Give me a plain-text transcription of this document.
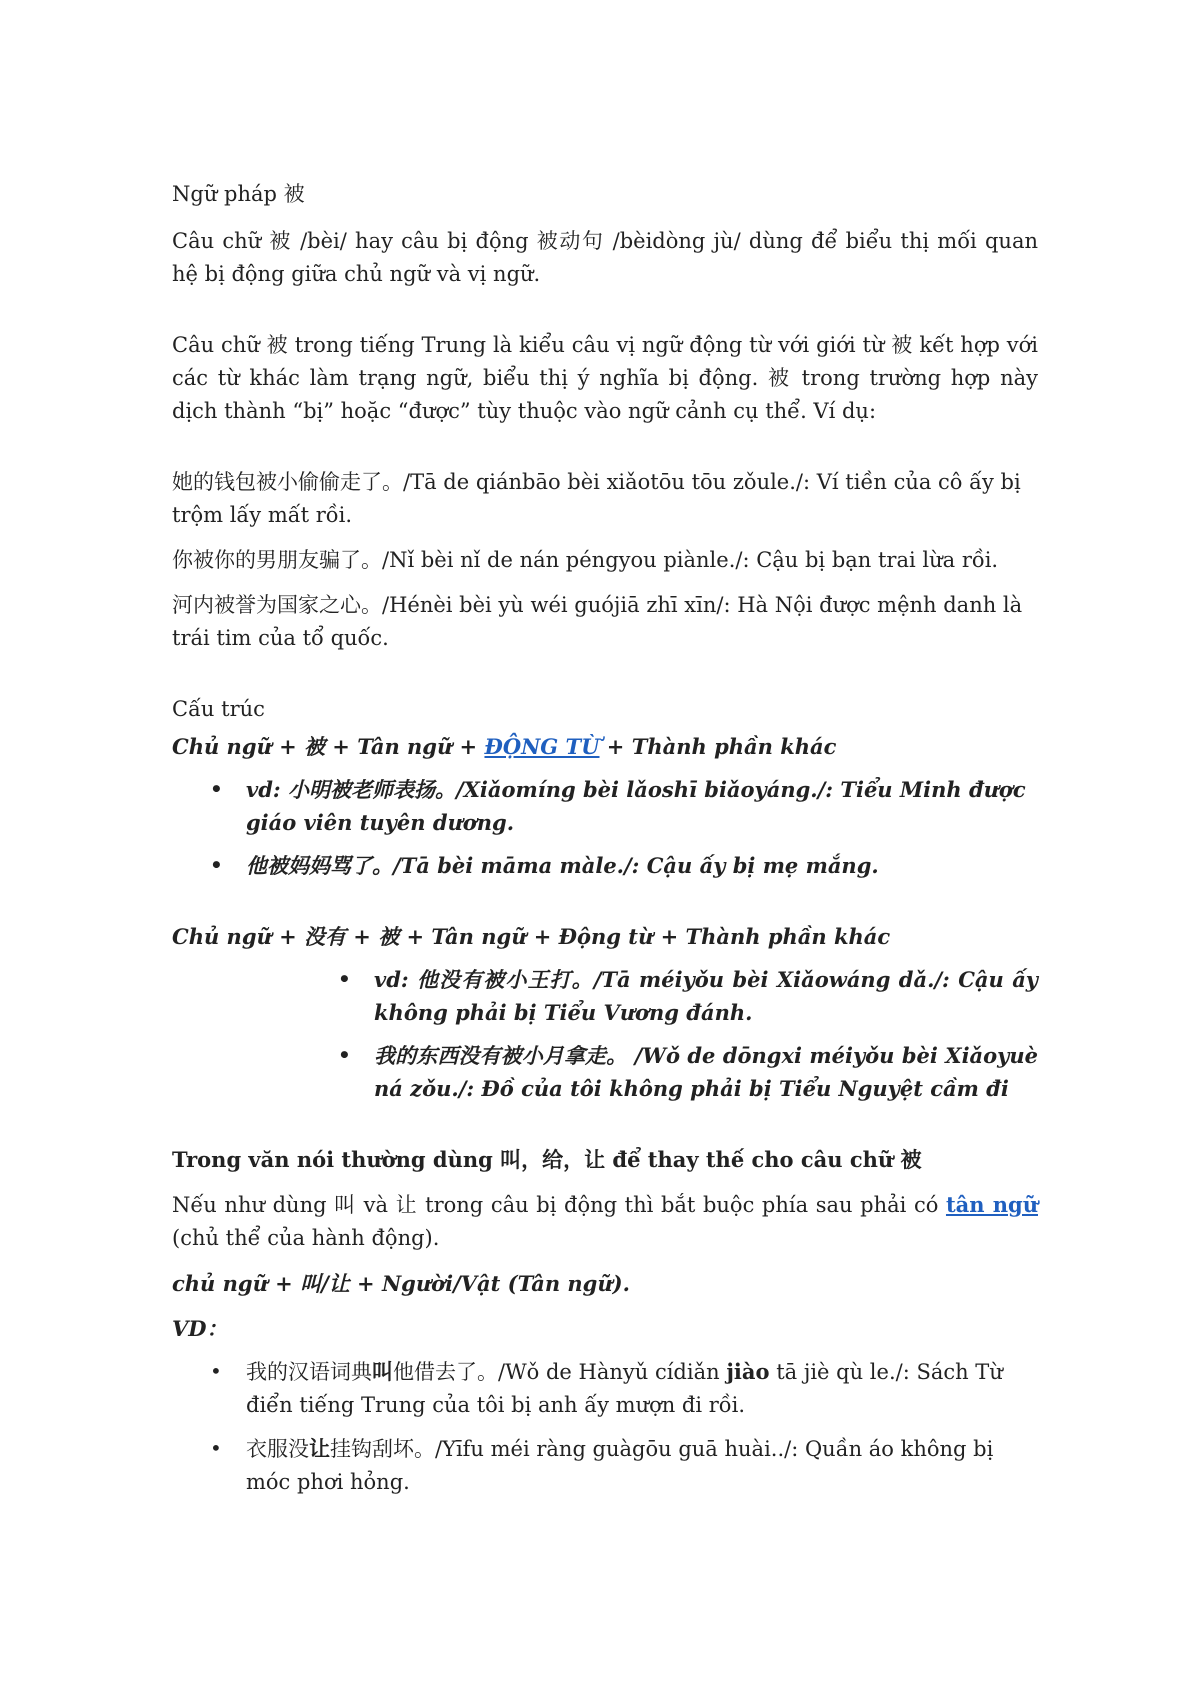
Ngữ pháp 被

Câu chữ 被 /bèi/ hay câu bị động 被动句 /bèidòng jù/ dùng để biểu thị mối quan hệ bị động giữa chủ ngữ và vị ngữ.

Câu chữ 被 trong tiếng Trung là kiểu câu vị ngữ động từ với giới từ 被 kết hợp với các từ khác làm trạng ngữ, biểu thị ý nghĩa bị động. 被 trong trường hợp này dịch thành “bị” hoặc “được” tùy thuộc vào ngữ cảnh cụ thể. Ví dụ:

她的钱包被小偷偷走了。/Tā de qiánbāo bèi xiǎotōu tōu zǒule./: Ví tiền của cô ấy bị trộm lấy mất rồi.

你被你的男朋友骗了。/Nǐ bèi nǐ de nán péngyou piànle./: Cậu bị bạn trai lừa rồi.

河内被誉为国家之心。/Hénèi bèi yù wéi guójiā zhī xīn/: Hà Nội được mệnh danh là trái tim của tổ quốc.

Cấu trúc

Chủ ngữ + 被 + Tân ngữ + ĐỘNG TỪ + Thành phần khác

• vd: 小明被老师表扬。/Xiǎomíng bèi lǎoshī biǎoyáng./: Tiểu Minh được giáo viên tuyên dương.
• 他被妈妈骂了。/Tā bèi māma màle./: Cậu ấy bị mẹ mắng.

Chủ ngữ + 没有 + 被 + Tân ngữ + Động từ + Thành phần khác

• vd: 他没有被小王打。/Tā méiyǒu bèi Xiǎowáng dǎ./: Cậu ấy không phải bị Tiểu Vương đánh.
• 我的东西没有被小月拿走。 /Wǒ de dōngxi méiyǒu bèi Xiǎoyuè ná zǒu./: Đồ của tôi không phải bị Tiểu Nguyệt cầm đi

Trong văn nói thường dùng 叫，给，让 để thay thế cho câu chữ 被

Nếu như dùng 叫 và 让 trong câu bị động thì bắt buộc phía sau phải có tân ngữ (chủ thể của hành động).

chủ ngữ + 叫/让 + Người/Vật (Tân ngữ).

VD：

• 我的汉语词典叫他借去了。/Wǒ de Hànyǔ cídiǎn jiào tā jiè qù le./: Sách Từ điển tiếng Trung của tôi bị anh ấy mượn đi rồi.
• 衣服没让挂钩刮坏。/Yīfu méi ràng guàgōu guā huài../: Quần áo không bị móc phơi hỏng.
